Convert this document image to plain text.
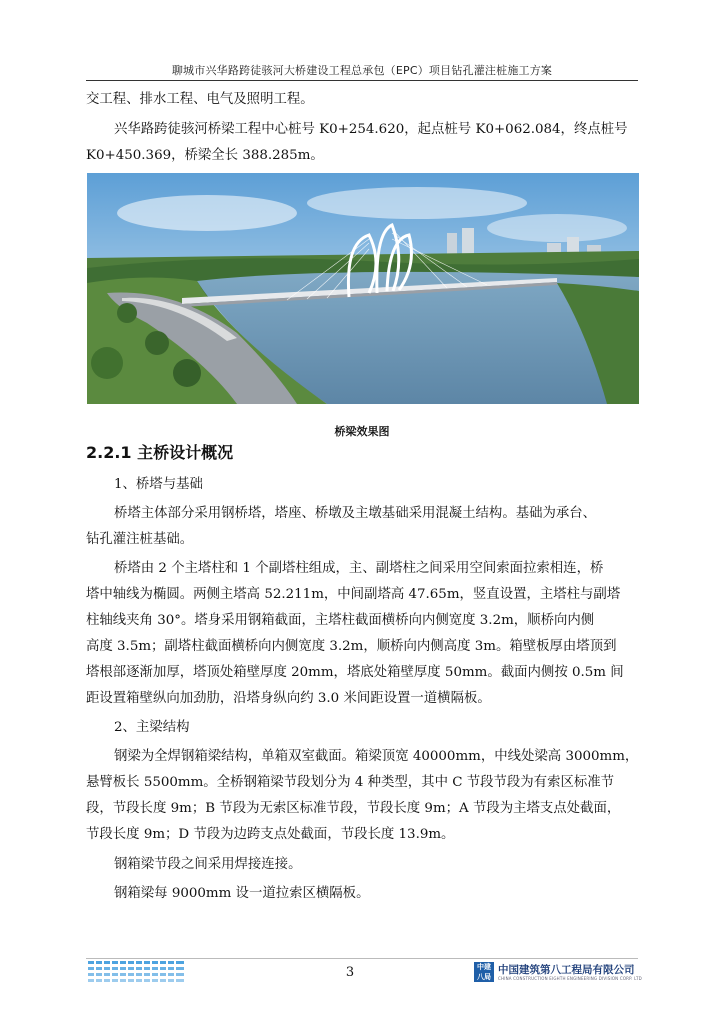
聊城市兴华路跨徒骇河大桥建设工程总承包（EPC）项目钻孔灌注桩施工方案
交工程、排水工程、电气及照明工程。
兴华路跨徒骇河桥梁工程中心桩号 K0+254.620，起点桩号 K0+062.084，终点桩号
K0+450.369，桥梁全长 388.285m。
桥梁效果图
2.2.1 主桥设计概况
1、桥塔与基础
桥塔主体部分采用钢桥塔，塔座、桥墩及主墩基础采用混凝土结构。基础为承台、
钻孔灌注桩基础。
桥塔由 2 个主塔柱和 1 个副塔柱组成，主、副塔柱之间采用空间索面拉索相连，桥
塔中轴线为椭圆。两侧主塔高 52.211m，中间副塔高 47.65m，竖直设置，主塔柱与副塔
柱轴线夹角 30°。塔身采用钢箱截面，主塔柱截面横桥向内侧宽度 3.2m，顺桥向内侧
高度 3.5m；副塔柱截面横桥向内侧宽度 3.2m，顺桥向内侧高度 3m。箱壁板厚由塔顶到
塔根部逐渐加厚，塔顶处箱壁厚度 20mm，塔底处箱壁厚度 50mm。截面内侧按 0.5m 间
距设置箱壁纵向加劲肋，沿塔身纵向约 3.0 米间距设置一道横隔板。
2、主梁结构
钢梁为全焊钢箱梁结构，单箱双室截面。箱梁顶宽 40000mm，中线处梁高 3000mm，
悬臂板长 5500mm。全桥钢箱梁节段划分为 4 种类型，其中 C 节段节段为有索区标准节
段，节段长度 9m；B 节段为无索区标准节段，节段长度 9m；A 节段为主塔支点处截面，
节段长度 9m；D 节段为边跨支点处截面，节段长度 13.9m。
钢箱梁节段之间采用焊接连接。
钢箱梁每 9000mm 设一道拉索区横隔板。
3	中建八局
中国建筑第八工程局有限公司
CHINA CONSTRUCTION EIGHTH ENGINEERING DIVISION CORP. LTD
